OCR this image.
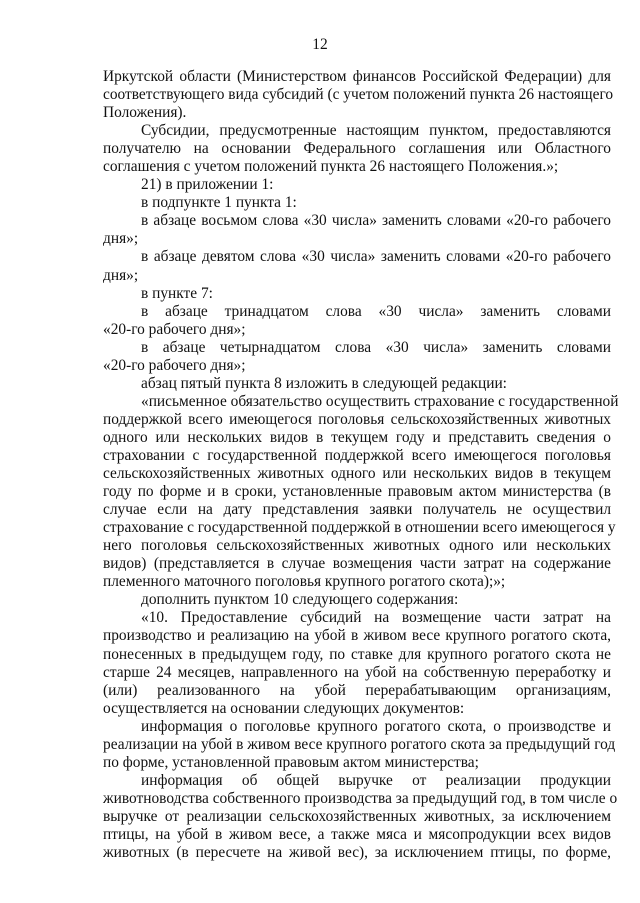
12
Иркутской области (Министерством финансов Российской Федерации) для
соответствующего вида субсидий (с учетом положений пункта 26 настоящего
Положения).
Субсидии, предусмотренные настоящим пунктом, предоставляются
получателю на основании Федерального соглашения или Областного
соглашения с учетом положений пункта 26 настоящего Положения.»;
21) в приложении 1:
в подпункте 1 пункта 1:
в абзаце восьмом слова «30 числа» заменить словами «20-го рабочего
дня»;
в абзаце девятом слова «30 числа» заменить словами «20-го рабочего
дня»;
в пункте 7:
в абзаце тринадцатом слова «30 числа» заменить словами
«20-го рабочего дня»;
в абзаце четырнадцатом слова «30 числа» заменить словами
«20-го рабочего дня»;
абзац пятый пункта 8 изложить в следующей редакции:
«письменное обязательство осуществить страхование с государственной
поддержкой всего имеющегося поголовья сельскохозяйственных животных
одного или нескольких видов в текущем году и представить сведения о
страховании с государственной поддержкой всего имеющегося поголовья
сельскохозяйственных животных одного или нескольких видов в текущем
году по форме и в сроки, установленные правовым актом министерства (в
случае если на дату представления заявки получатель не осуществил
страхование с государственной поддержкой в отношении всего имеющегося у
него поголовья сельскохозяйственных животных одного или нескольких
видов) (представляется в случае возмещения части затрат на содержание
племенного маточного поголовья крупного рогатого скота);»;
дополнить пунктом 10 следующего содержания:
«10. Предоставление субсидий на возмещение части затрат на
производство и реализацию на убой в живом весе крупного рогатого скота,
понесенных в предыдущем году, по ставке для крупного рогатого скота не
старше 24 месяцев, направленного на убой на собственную переработку и
(или) реализованного на убой перерабатывающим организациям,
осуществляется на основании следующих документов:
информация о поголовье крупного рогатого скота, о производстве и
реализации на убой в живом весе крупного рогатого скота за предыдущий год
по форме, установленной правовым актом министерства;
информация об общей выручке от реализации продукции
животноводства собственного производства за предыдущий год, в том числе о
выручке от реализации сельскохозяйственных животных, за исключением
птицы, на убой в живом весе, а также мяса и мясопродукции всех видов
животных (в пересчете на живой вес), за исключением птицы, по форме,
